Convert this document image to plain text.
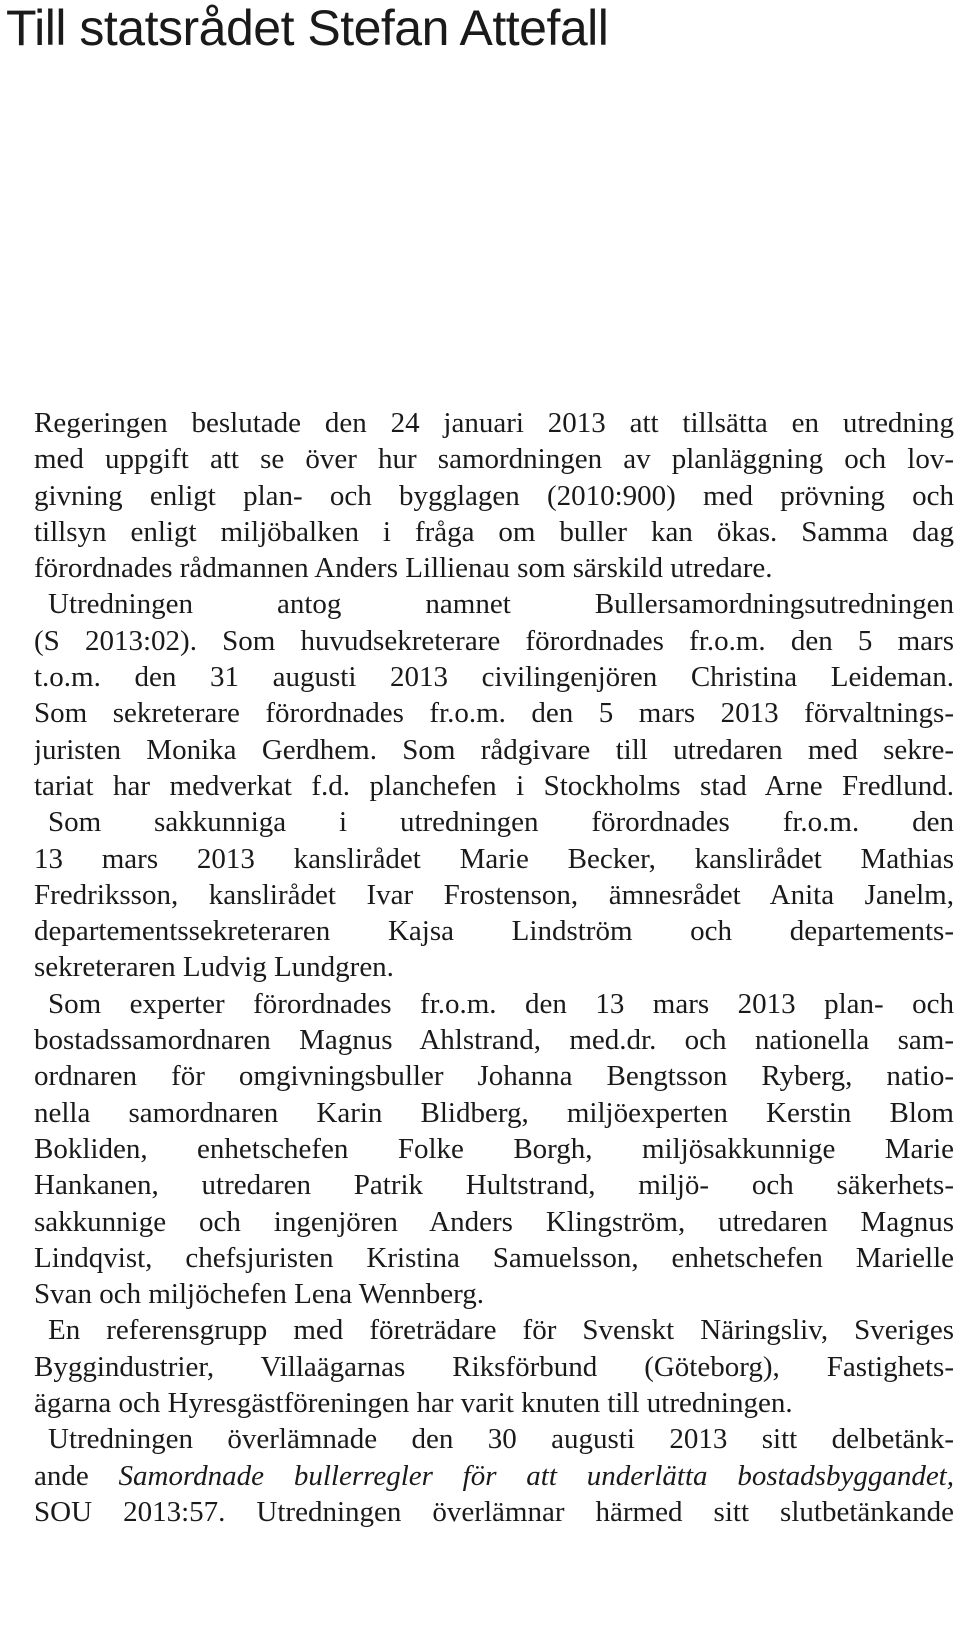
Till statsrådet Stefan Attefall
Regeringen beslutade den 24 januari 2013 att tillsätta en utredning
med uppgift att se över hur samordningen av planläggning och lov-
givning enligt plan- och bygglagen (2010:900) med prövning och
tillsyn enligt miljöbalken i fråga om buller kan ökas. Samma dag
förordnades rådmannen Anders Lillienau som särskild utredare.
Utredningen antog namnet Bullersamordningsutredningen
(S 2013:02). Som huvudsekreterare förordnades fr.o.m. den 5 mars
t.o.m. den 31 augusti 2013 civilingenjören Christina Leideman.
Som sekreterare förordnades fr.o.m. den 5 mars 2013 förvaltnings-
juristen Monika Gerdhem. Som rådgivare till utredaren med sekre-
tariat har medverkat f.d. planchefen i Stockholms stad Arne Fredlund.
Som sakkunniga i utredningen förordnades fr.o.m. den
13 mars 2013 kanslirådet Marie Becker, kanslirådet Mathias
Fredriksson, kanslirådet Ivar Frostenson, ämnesrådet Anita Janelm,
departementssekreteraren Kajsa Lindström och departements-
sekreteraren Ludvig Lundgren.
Som experter förordnades fr.o.m. den 13 mars 2013 plan- och
bostadssamordnaren Magnus Ahlstrand, med.dr. och nationella sam-
ordnaren för omgivningsbuller Johanna Bengtsson Ryberg, natio-
nella samordnaren Karin Blidberg, miljöexperten Kerstin Blom
Bokliden, enhetschefen Folke Borgh, miljösakkunnige Marie
Hankanen, utredaren Patrik Hultstrand, miljö- och säkerhets-
sakkunnige och ingenjören Anders Klingström, utredaren Magnus
Lindqvist, chefsjuristen Kristina Samuelsson, enhetschefen Marielle
Svan och miljöchefen Lena Wennberg.
En referensgrupp med företrädare för Svenskt Näringsliv, Sveriges
Byggindustrier, Villaägarnas Riksförbund (Göteborg), Fastighets-
ägarna och Hyresgästföreningen har varit knuten till utredningen.
Utredningen överlämnade den 30 augusti 2013 sitt delbetänk-
ande Samordnade bullerregler för att underlätta bostadsbyggandet,
SOU 2013:57. Utredningen överlämnar härmed sitt slutbetänkande
